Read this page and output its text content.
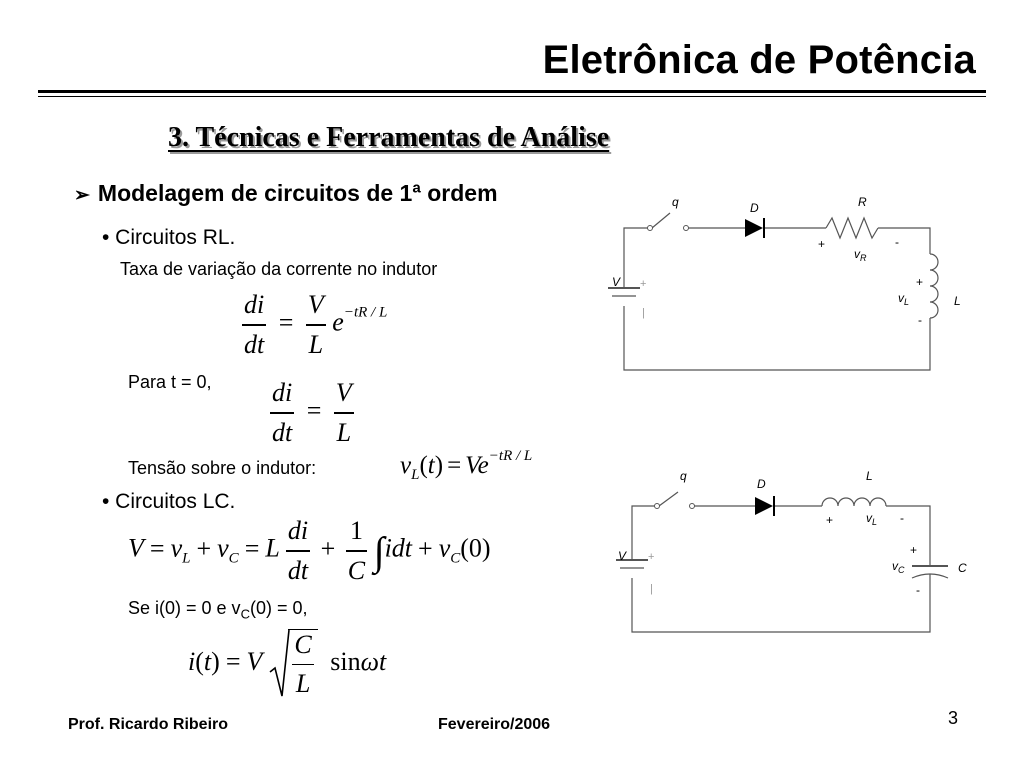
Eletrônica de Potência
3. Técnicas e Ferramentas de Análise
➢ Modelagem de circuitos de 1ª ordem
• Circuitos RL.
Taxa de variação da corrente no indutor
$\frac{di}{dt} = \frac{V}{L} e^{-tR / L}$
Para t = 0, $\frac{di}{dt} = \frac{V}{L}$
Tensão sobre o indutor:	$v_L(t) = Ve^{-tR / L}$
• Circuitos LC.
$V = v_L + v_C = L \frac{di}{dt} + \frac{1}{C} \int idt + v_C(0)$
Se i(0) = 0 e $v_C(0) = 0$,
i(t) = V $\frac{C}{L}$ sinωt
q	D	R
V
L
$v_R$
$v_L$
+	-
+
-
+
|
q
D
L
V
C
$v_L$
$v_C$
+	-
+
-
+
|
Prof. Ricardo Ribeiro	Fevereiro/2006	3
